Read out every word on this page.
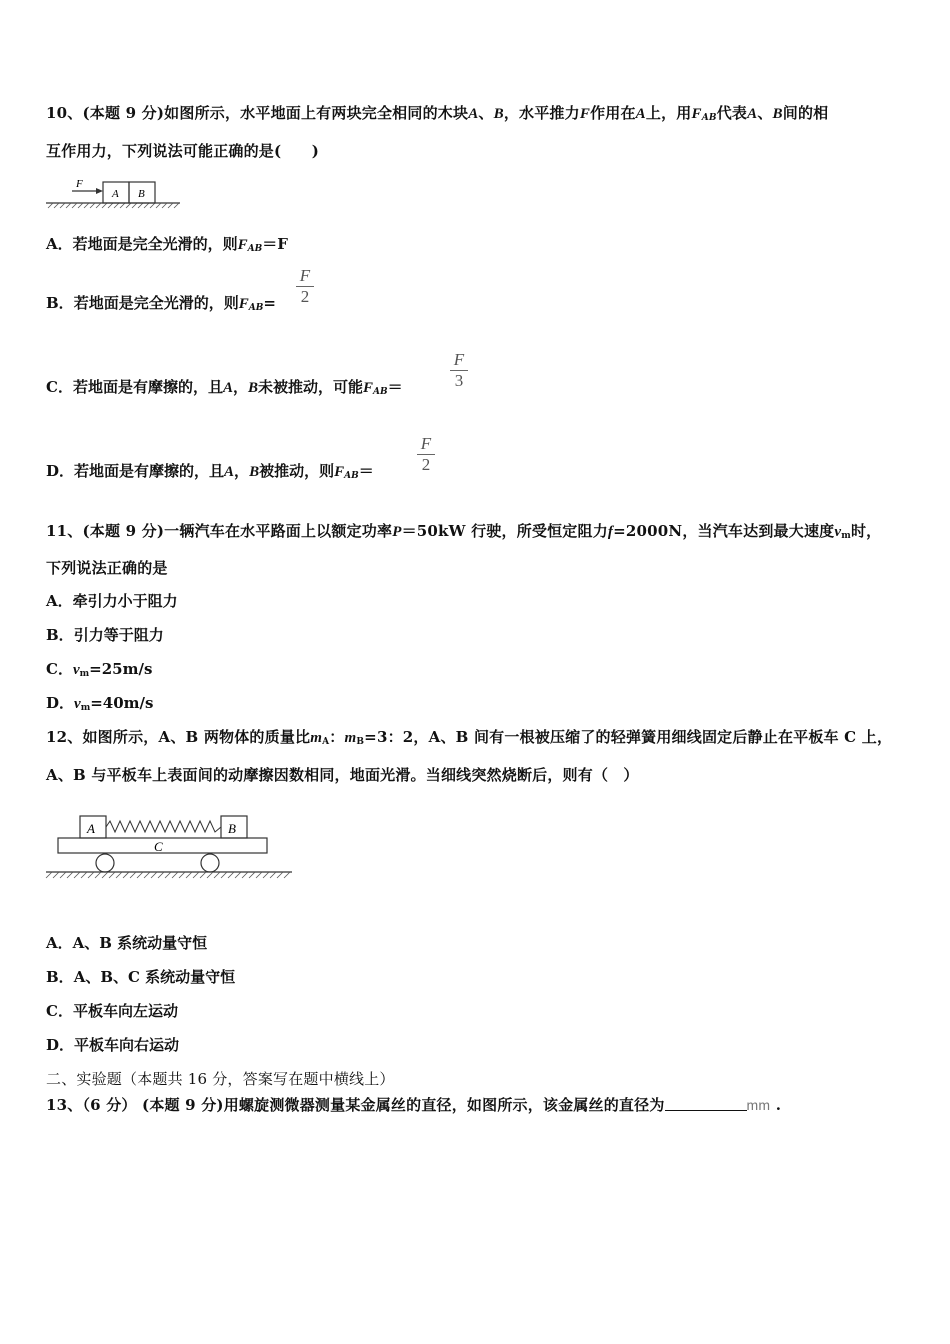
10、(本题 9 分)如图所示，水平地面上有两块完全相同的木块A、B，水平推力F作用在A上，用$F_{AB}$代表A、B间的相
互作用力，下列说法可能正确的是(　　)
F
A B
A．若地面是完全光滑的，则$F_{AB}=F$
B．若地面是完全光滑的，则$F_{AB}=$
F
2
C．若地面是有摩擦的，且A，B未被推动，可能$F_{AB}=$
F
3
D．若地面是有摩擦的，且A，B被推动，则$F_{AB}=$
F
2
11、(本题 9 分)一辆汽车在水平路面上以额定功率P＝50kW 行驶，所受恒定阻力f=2000N，当汽车达到最大速度vm时，
下列说法正确的是
A．牵引力小于阻力
B．引力等于阻力
C．vm=25m/s
D．vm=40m/s
12、如图所示，A、B 两物体的质量比mA：mB=3：2，A、B 间有一根被压缩了的轻弹簧用细线固定后静止在平板车 C 上，
A、B 与平板车上表面间的动摩擦因数相同，地面光滑。当细线突然烧断后，则有（　）
A	B
C
A．A、B 系统动量守恒
B．A、B、C 系统动量守恒
C．平板车向左运动
D．平板车向右运动
二、实验题（本题共 16 分，答案写在题中横线上）
13、（6 分） (本题 9 分)用螺旋测微器测量某金属丝的直径，如图所示，该金属丝的直径为	mm .
